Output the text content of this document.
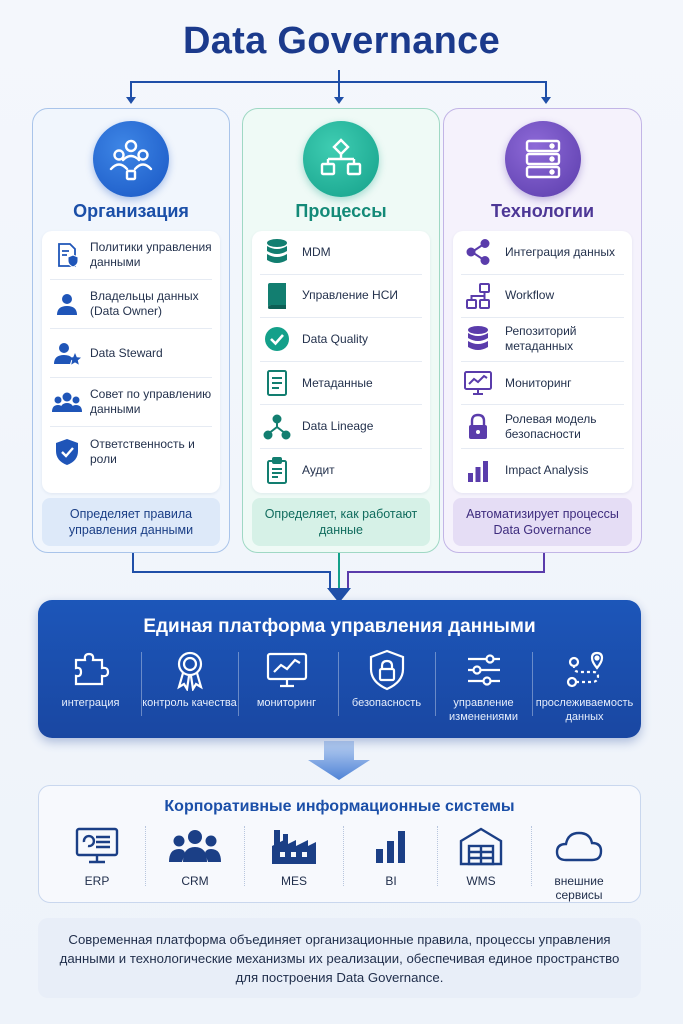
Data Governance
Организация
Политики управления данными
Владельцы данных (Data Owner)
Data Steward
Совет по управлению данными
Ответственность и роли
Определяет правила управления данными
Процессы
MDM
Управление НСИ
Data Quality
Метаданные
Data Lineage
Аудит
Определяет, как работают данные
Технологии
Интеграция данных
Workflow
Репозиторий метаданных
Мониторинг
Ролевая модель безопасности
Impact Analysis
Автоматизирует процессы Data Governance
Единая платформа управления данными
интеграция	контроль качества	мониторинг	безопасность	управление изменениями
прослеживаемость данных
Корпоративные информационные системы
ERP	CRM	MES	BI	WMS	внешние сервисы
Современная платформа объединяет организационные правила, процессы управления данными и технологические механизмы их реализации, обеспечивая единое пространство для построения Data Governance.
